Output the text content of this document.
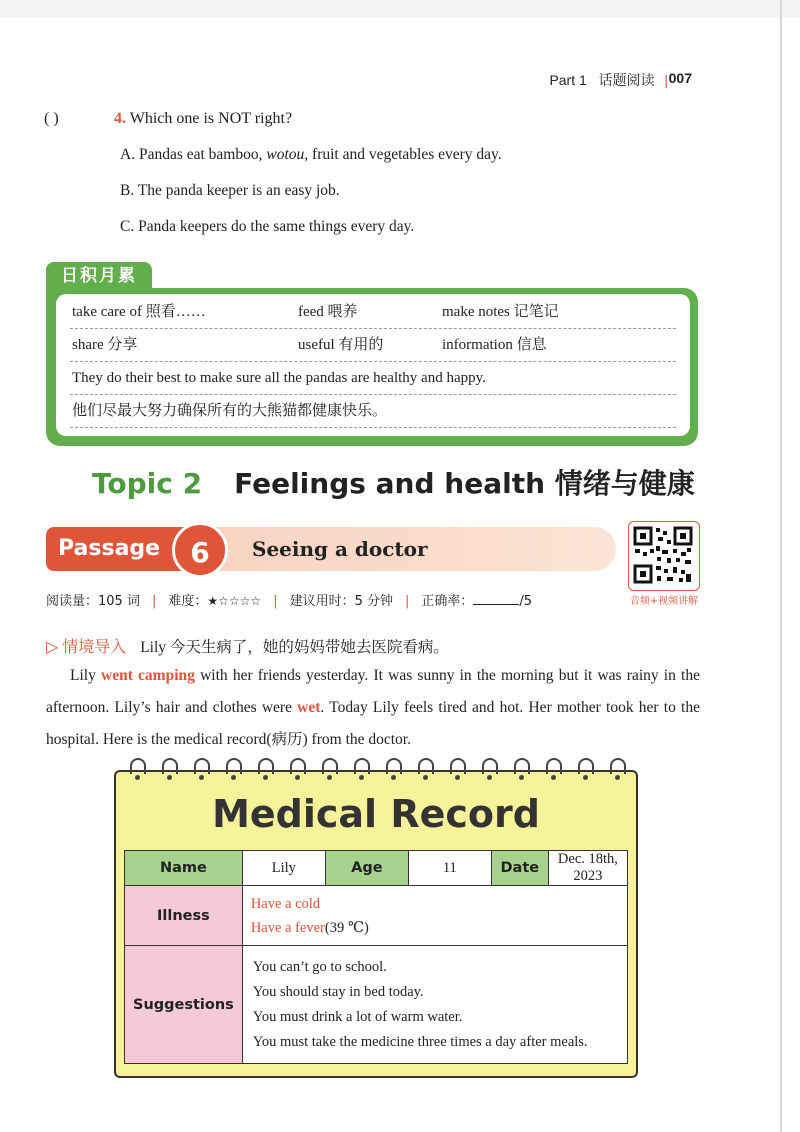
Part 1 话题阅读 | 007
( )	4. Which one is NOT right?
A. Pandas eat bamboo, wotou, fruit and vegetables every day.
B. The panda keeper is an easy job.
C. Panda keepers do the same things every day.
日积月累
take care of 照看……	feed 喂养	make notes 记笔记
share 分享	useful 有用的	information 信息
They do their best to make sure all the pandas are healthy and happy.
他们尽最大努力确保所有的大熊猫都健康快乐。
Topic 2 Feelings and health 情绪与健康
Passage	6	Seeing a doctor
音频+视频讲解
阅读量：105 词 | 难度：★☆☆☆☆ | 建议用时：5 分钟 | 正确率：	/5
▷ 情境导入 Lily 今天生病了，她的妈妈带她去医院看病。
Lily went camping with her friends yesterday. It was sunny in the morning but it was rainy in the afternoon. Lily’s hair and clothes were wet. Today Lily feels tired and hot. Her mother took her to the hospital. Here is the medical record(病历) from the doctor.
Medical Record
Name	Lily	Age	11	Date	Dec. 18th, 2023
Illness	Have a cold
Have a fever(39 ℃)				

Suggestions	You can’t go to school.
You should stay in bed today.
You must drink a lot of warm water.
You must take the medicine three times a day after meals.				
